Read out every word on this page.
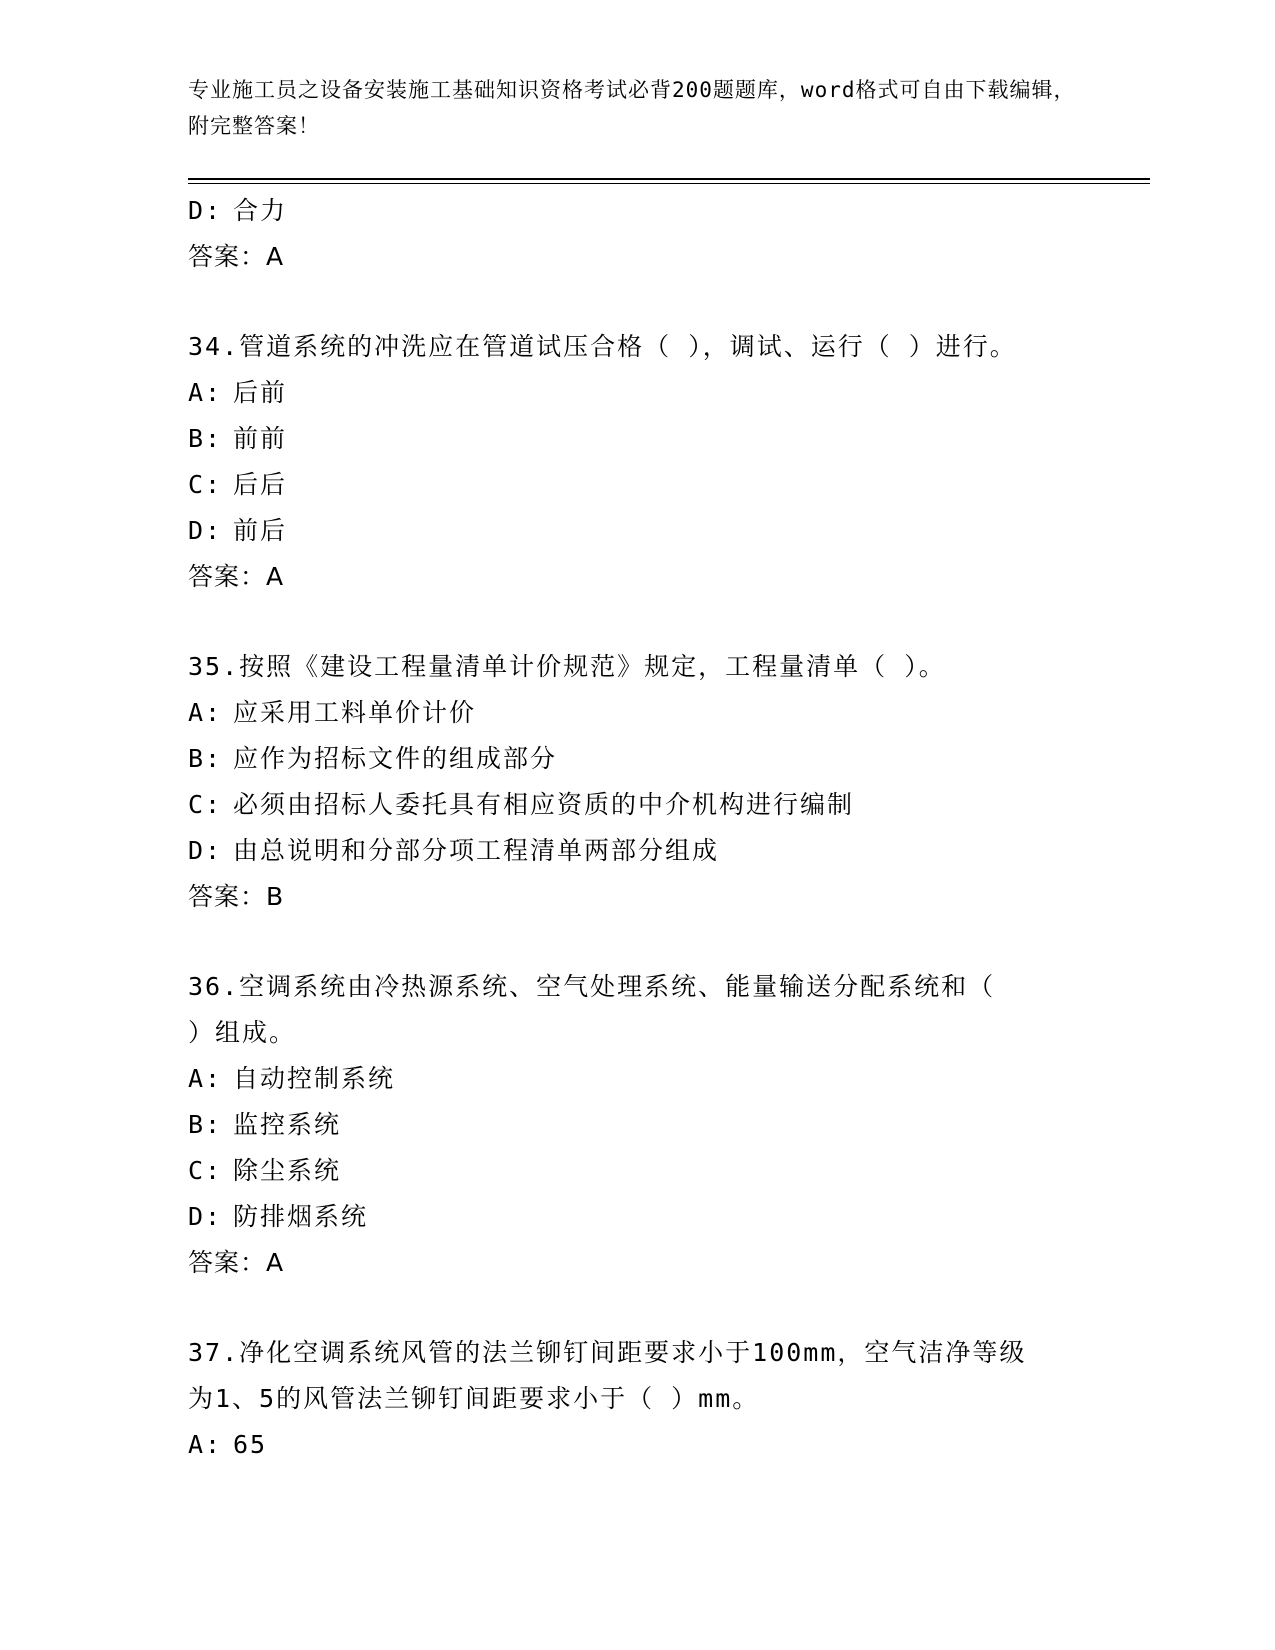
专业施工员之设备安装施工基础知识资格考试必背200题题库，word格式可自由下载编辑，附完整答案！
D: 合力
答案：A
34.管道系统的冲洗应在管道试压合格（ ），调试、运行（ ）进行。
A: 后前
B: 前前
C: 后后
D: 前后
答案：A
35.按照《建设工程量清单计价规范》规定，工程量清单（ ）。
A: 应采用工料单价计价
B: 应作为招标文件的组成部分
C: 必须由招标人委托具有相应资质的中介机构进行编制
D: 由总说明和分部分项工程清单两部分组成
答案：B
36.空调系统由冷热源系统、空气处理系统、能量输送分配系统和（
）组成。
A: 自动控制系统
B: 监控系统
C: 除尘系统
D: 防排烟系统
答案：A
37.净化空调系统风管的法兰铆钉间距要求小于100mm，空气洁净等级
为1、5的风管法兰铆钉间距要求小于（ ）mm。
A: 65
